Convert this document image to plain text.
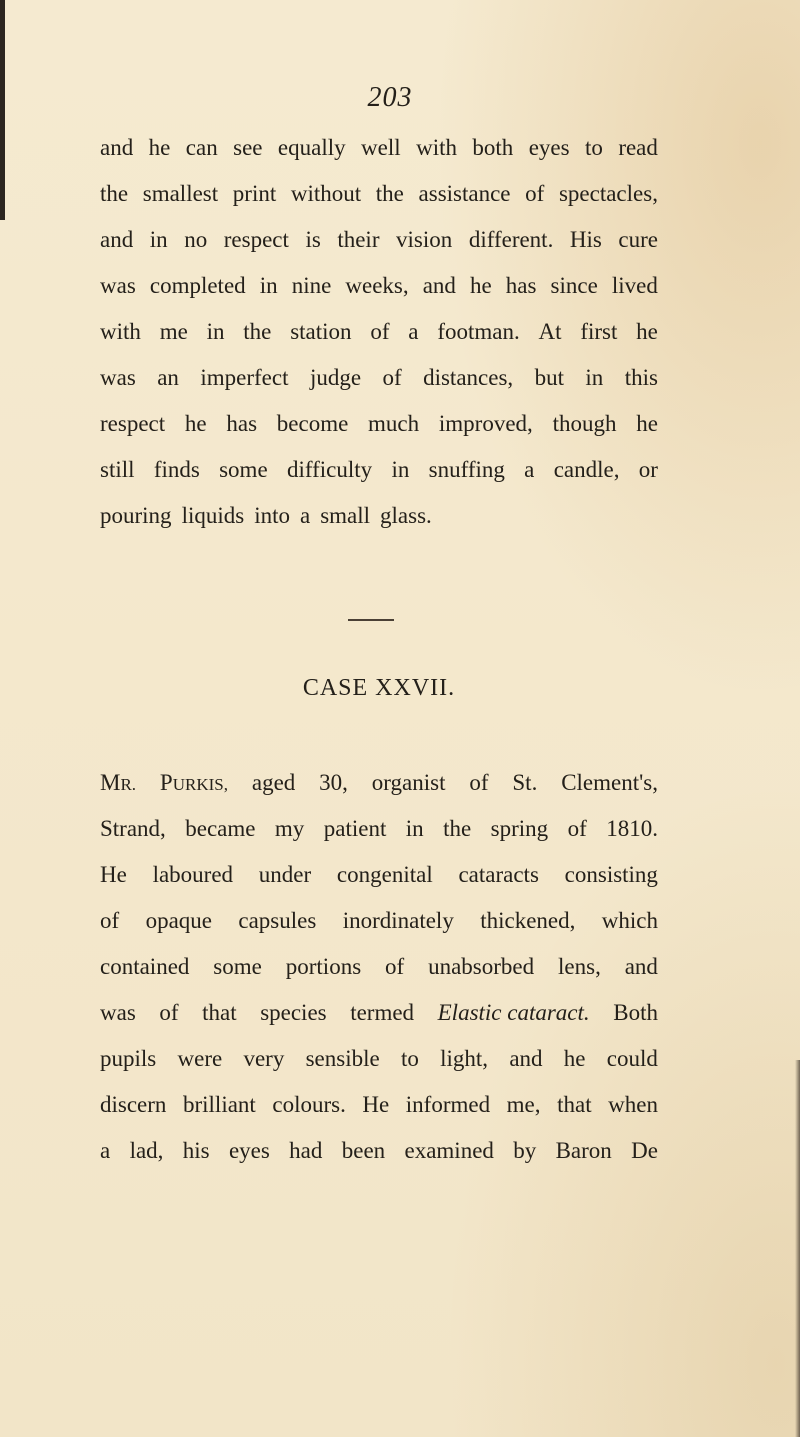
203
and he can see equally well with both eyes to read
the smallest print without the assistance of spectacles,
and in no respect is their vision different. His cure
was completed in nine weeks, and he has since lived
with me in the station of a footman. At first he
was an imperfect judge of distances, but in this
respect he has become much improved, though he
still finds some difficulty in snuffing a candle, or
pouring liquids into a small glass.
CASE XXVII.
MR. PURKIS, aged 30, organist of St. Clement's,
Strand, became my patient in the spring of 1810.
He laboured under congenital cataracts consisting
of opaque capsules inordinately thickened, which
contained some portions of unabsorbed lens, and
was of that species termed Elastic cataract. Both
pupils were very sensible to light, and he could
discern brilliant colours. He informed me, that when
a lad, his eyes had been examined by Baron De
